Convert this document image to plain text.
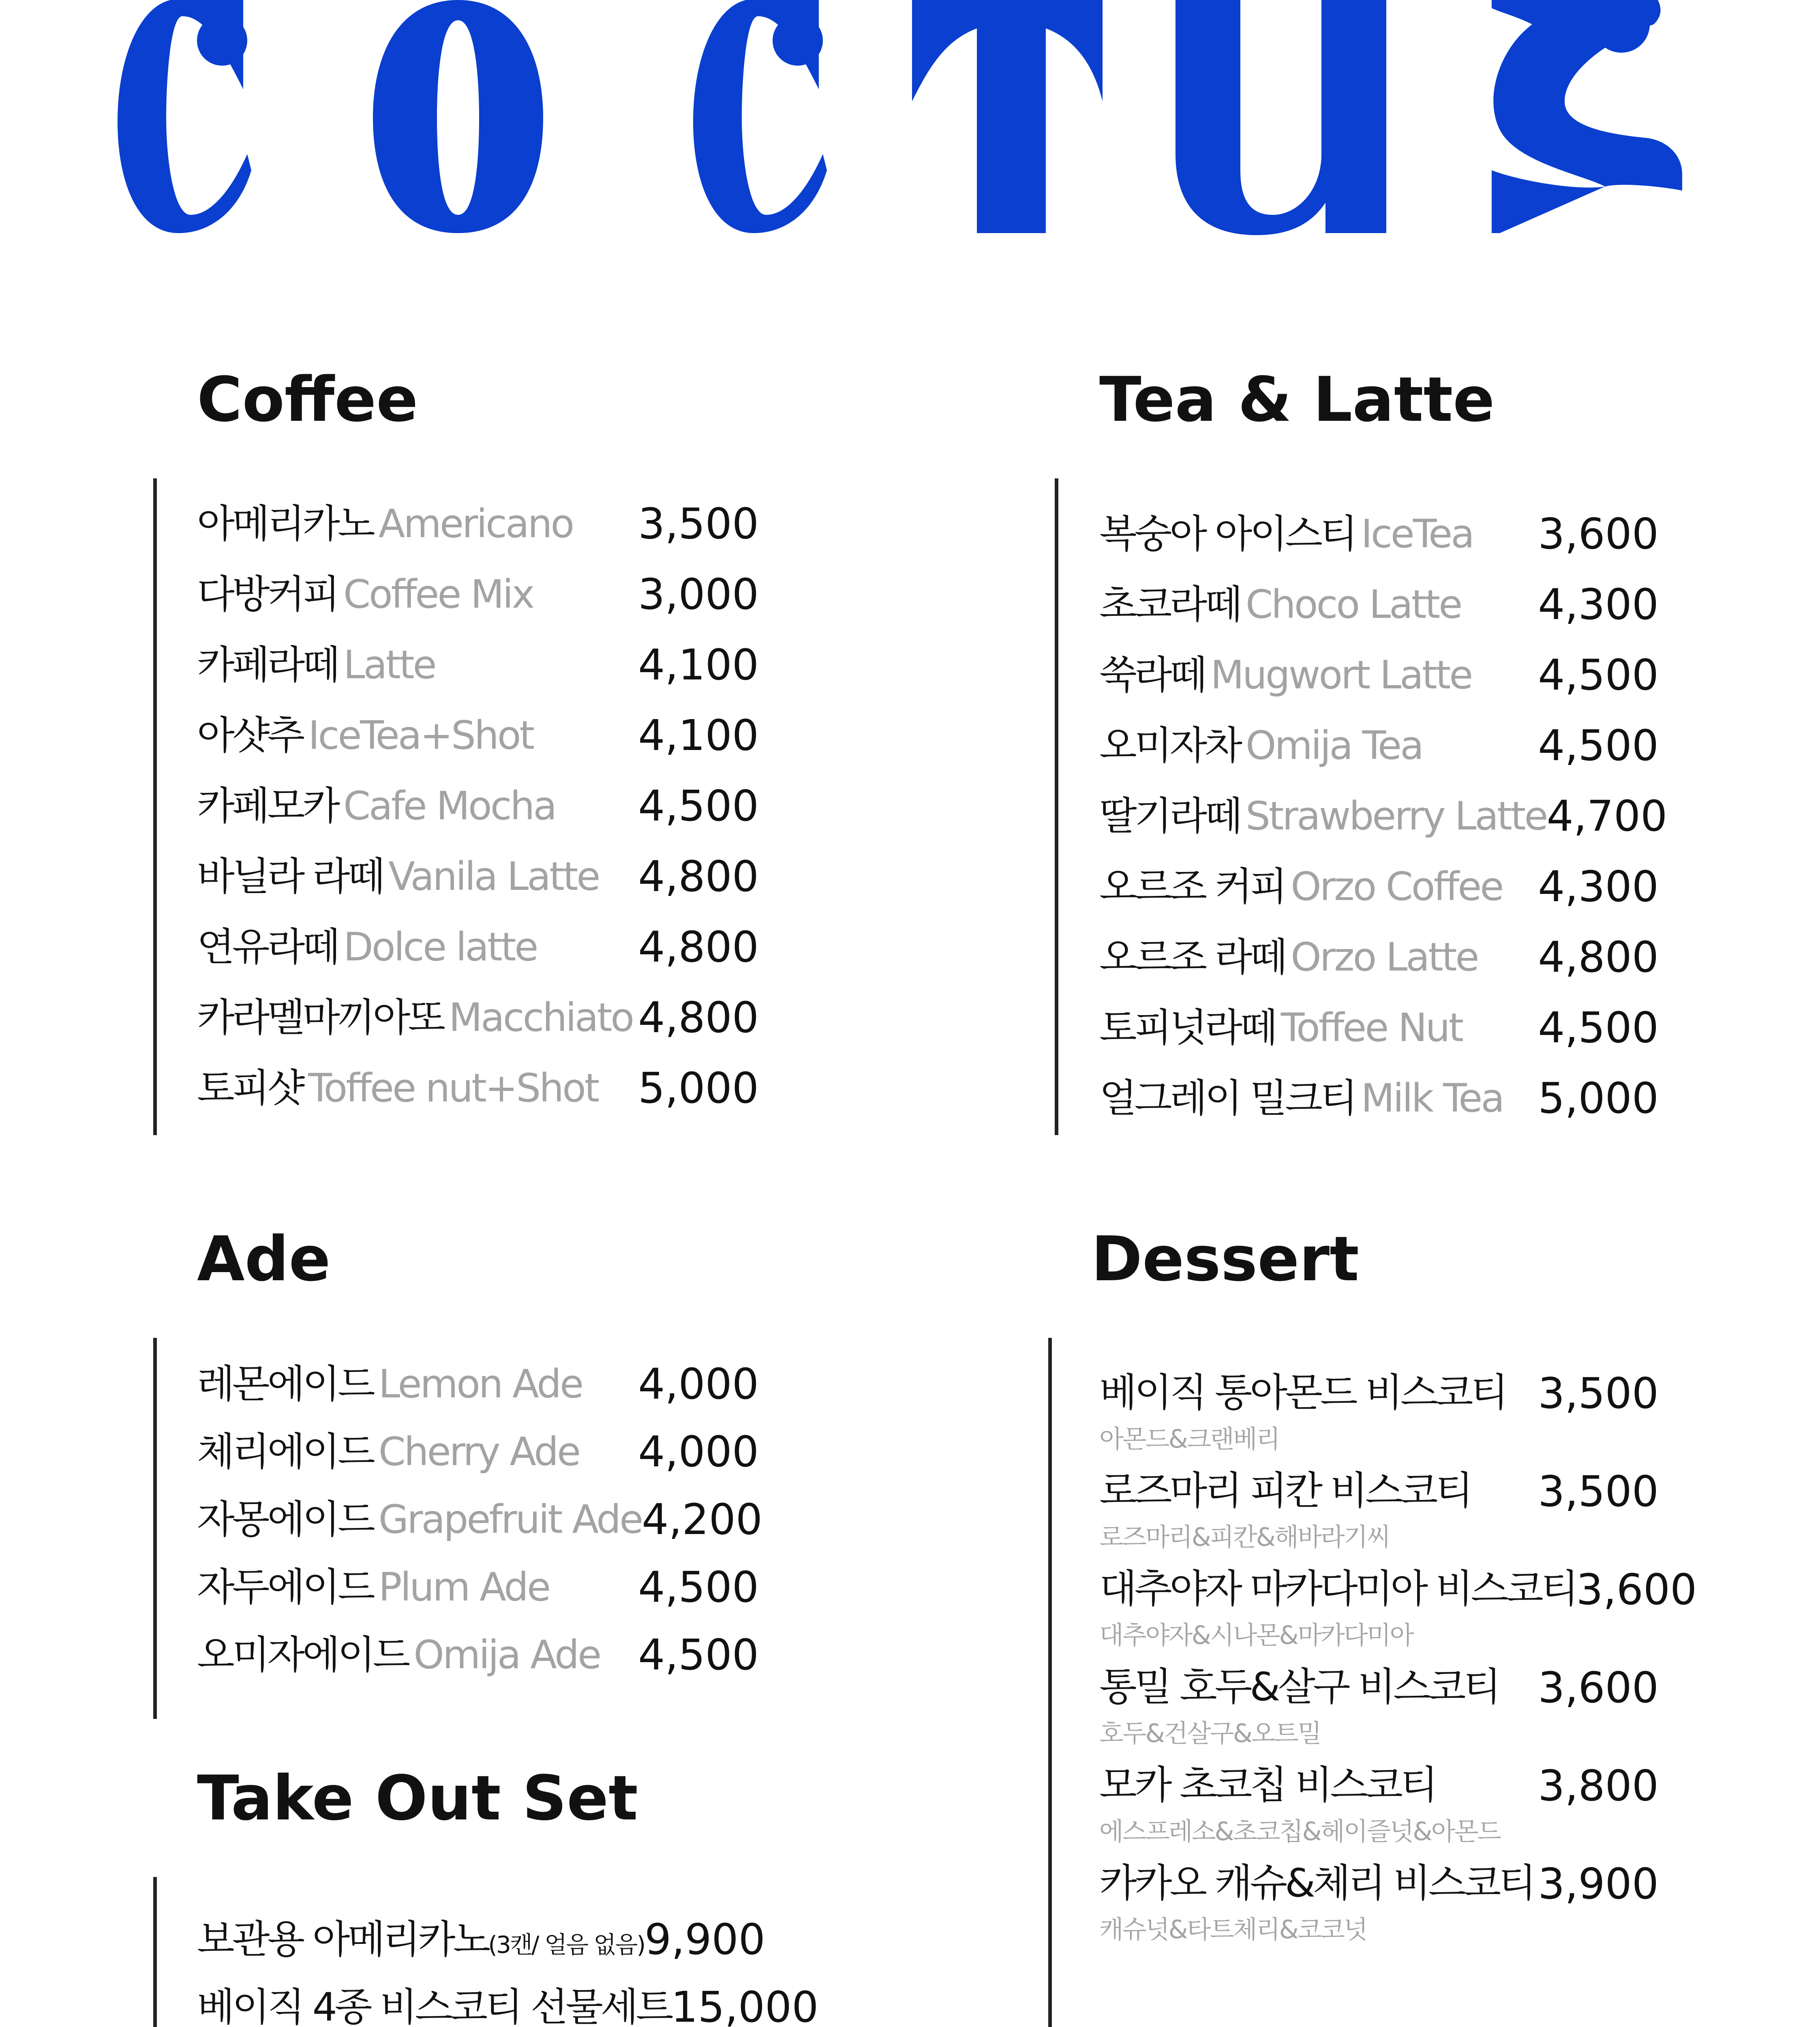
Coffee
아메리카노 Americano 3,500
다방커피 Coffee Mix 3,000
카페라떼 Latte	4,100
아샷추 IceTea+Shot 4,100
카페모카 Cafe Mocha 4,500
바닐라 라떼 Vanila Latte 4,800
연유라떼 Dolce latte 4,800
카라멜마끼아또 Macchiato 4,800
토피샷 Toffee nut+Shot 5,000
Tea & Latte
복숭아 아이스티 IceTea 3,600
초코라떼 Choco Latte 4,300
쑥라떼 Mugwort Latte 4,500
오미자차 Omija Tea	4,500
딸기라떼 Strawberry Latte 4,700
오르조 커피 Orzo Coffee 4,300
오르조 라떼 Orzo Latte 4,800
토피넛라떼 Toffee Nut 4,500
얼그레이 밀크티 Milk Tea 5,000
Ade
레몬에이드 Lemon Ade 4,000
체리에이드 Cherry Ade 4,000
자몽에이드 Grapefruit Ade 4,200
자두에이드 Plum Ade 4,500
오미자에이드 Omija Ade 4,500
Take Out Set
보관용 아메리카노 (3캔/ 얼음 없음) 9,900
베이직 4종 비스코티 선물세트 15,000

Dessert
베이직 통아몬드 비스코티
아몬드&크랜베리
3,500
로즈마리 피칸 비스코티
로즈마리&피칸&해바라기씨
3,500
대추야자 마카다미아 비스코티
대추야자&시나몬&마카다미아
3,600
통밀 호두&살구 비스코티
호두&건살구&오트밀
3,600
모카 초코칩 비스코티
에스프레소&초코칩&헤이즐넛&아몬드
3,800
카카오 캐슈&체리 비스코티
캐슈넛&타트체리&코코넛
3,900
